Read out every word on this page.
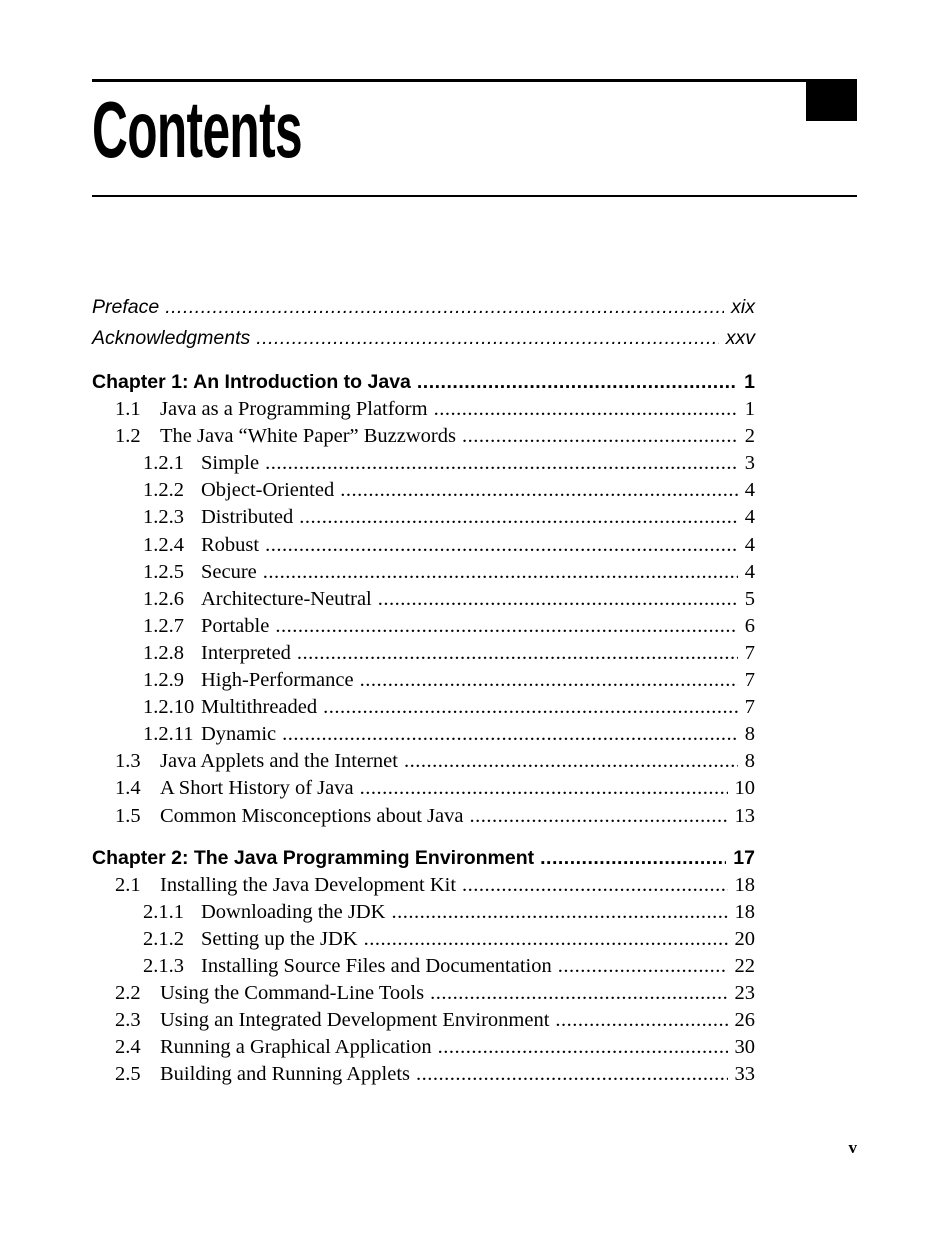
Contents
Preface .....	xix
Acknowledgments .....	xxv
Chapter 1: An Introduction to Java .....	1
1.1 Java as a Programming Platform .....	1
1.2 The Java “White Paper” Buzzwords .....	2
1.2.1 Simple .....	3
1.2.2 Object-Oriented .....	4
1.2.3 Distributed .....	4
1.2.4 Robust .....	4
1.2.5 Secure .....	4
1.2.6 Architecture-Neutral .....	5
1.2.7 Portable .....	6
1.2.8 Interpreted .....	7
1.2.9 High-Performance .....	7
1.2.10 Multithreaded .....	7
1.2.11 Dynamic .....	8
1.3 Java Applets and the Internet .....	8
1.4 A Short History of Java .....	10
1.5 Common Misconceptions about Java .....	13
Chapter 2: The Java Programming Environment .....	17
2.1 Installing the Java Development Kit .....	18
2.1.1 Downloading the JDK .....	18
2.1.2 Setting up the JDK .....	20
2.1.3 Installing Source Files and Documentation .....	22
2.2 Using the Command-Line Tools .....	23
2.3 Using an Integrated Development Environment .....	26
2.4 Running a Graphical Application .....	30
2.5 Building and Running Applets .....	33
v
